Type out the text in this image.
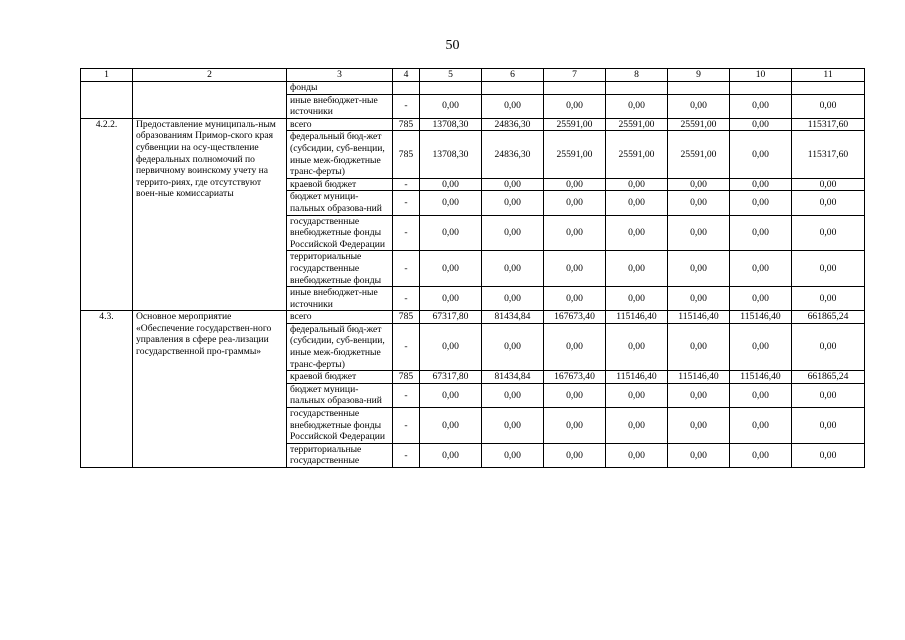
50
1	2	3	4	5	6	7	8	9	10	11
		фонды								
		иные внебюджет-ные источники	-	0,00	0,00	0,00	0,00	0,00	0,00	0,00
4.2.2.	Предоставление муниципаль-ным образованиям Примор-ского края субвенции на осу-ществление федеральных полномочий по первичному воинскому учету на террито-риях, где отсутствуют воен-ные комиссариаты	всего	785	13708,30	24836,30	25591,00	25591,00	25591,00	0,00	115317,60
		федеральный бюд-жет (субсидии, суб-венции, иные меж-бюджетные транс-ферты)	785	13708,30	24836,30	25591,00	25591,00	25591,00	0,00	115317,60
		краевой бюджет	-	0,00	0,00	0,00	0,00	0,00	0,00	0,00
		бюджет муници-пальных образова-ний	-	0,00	0,00	0,00	0,00	0,00	0,00	0,00
		государственные внебюджетные фонды Российской Федерации	-	0,00	0,00	0,00	0,00	0,00	0,00	0,00
		территориальные государственные внебюджетные фонды	-	0,00	0,00	0,00	0,00	0,00	0,00	0,00
		иные внебюджет-ные источники	-	0,00	0,00	0,00	0,00	0,00	0,00	0,00
4.3.	Основное мероприятие «Обеспечение государствен-ного управления в сфере реа-лизации государственной про-граммы»	всего	785	67317,80	81434,84	167673,40	115146,40	115146,40	115146,40	661865,24
		федеральный бюд-жет (субсидии, суб-венции, иные меж-бюджетные транс-ферты)	-	0,00	0,00	0,00	0,00	0,00	0,00	0,00
		краевой бюджет	785	67317,80	81434,84	167673,40	115146,40	115146,40	115146,40	661865,24
		бюджет муници-пальных образова-ний	-	0,00	0,00	0,00	0,00	0,00	0,00	0,00
		государственные внебюджетные фонды Российской Федерации	-	0,00	0,00	0,00	0,00	0,00	0,00	0,00
		территориальные государственные	-	0,00	0,00	0,00	0,00	0,00	0,00	0,00
